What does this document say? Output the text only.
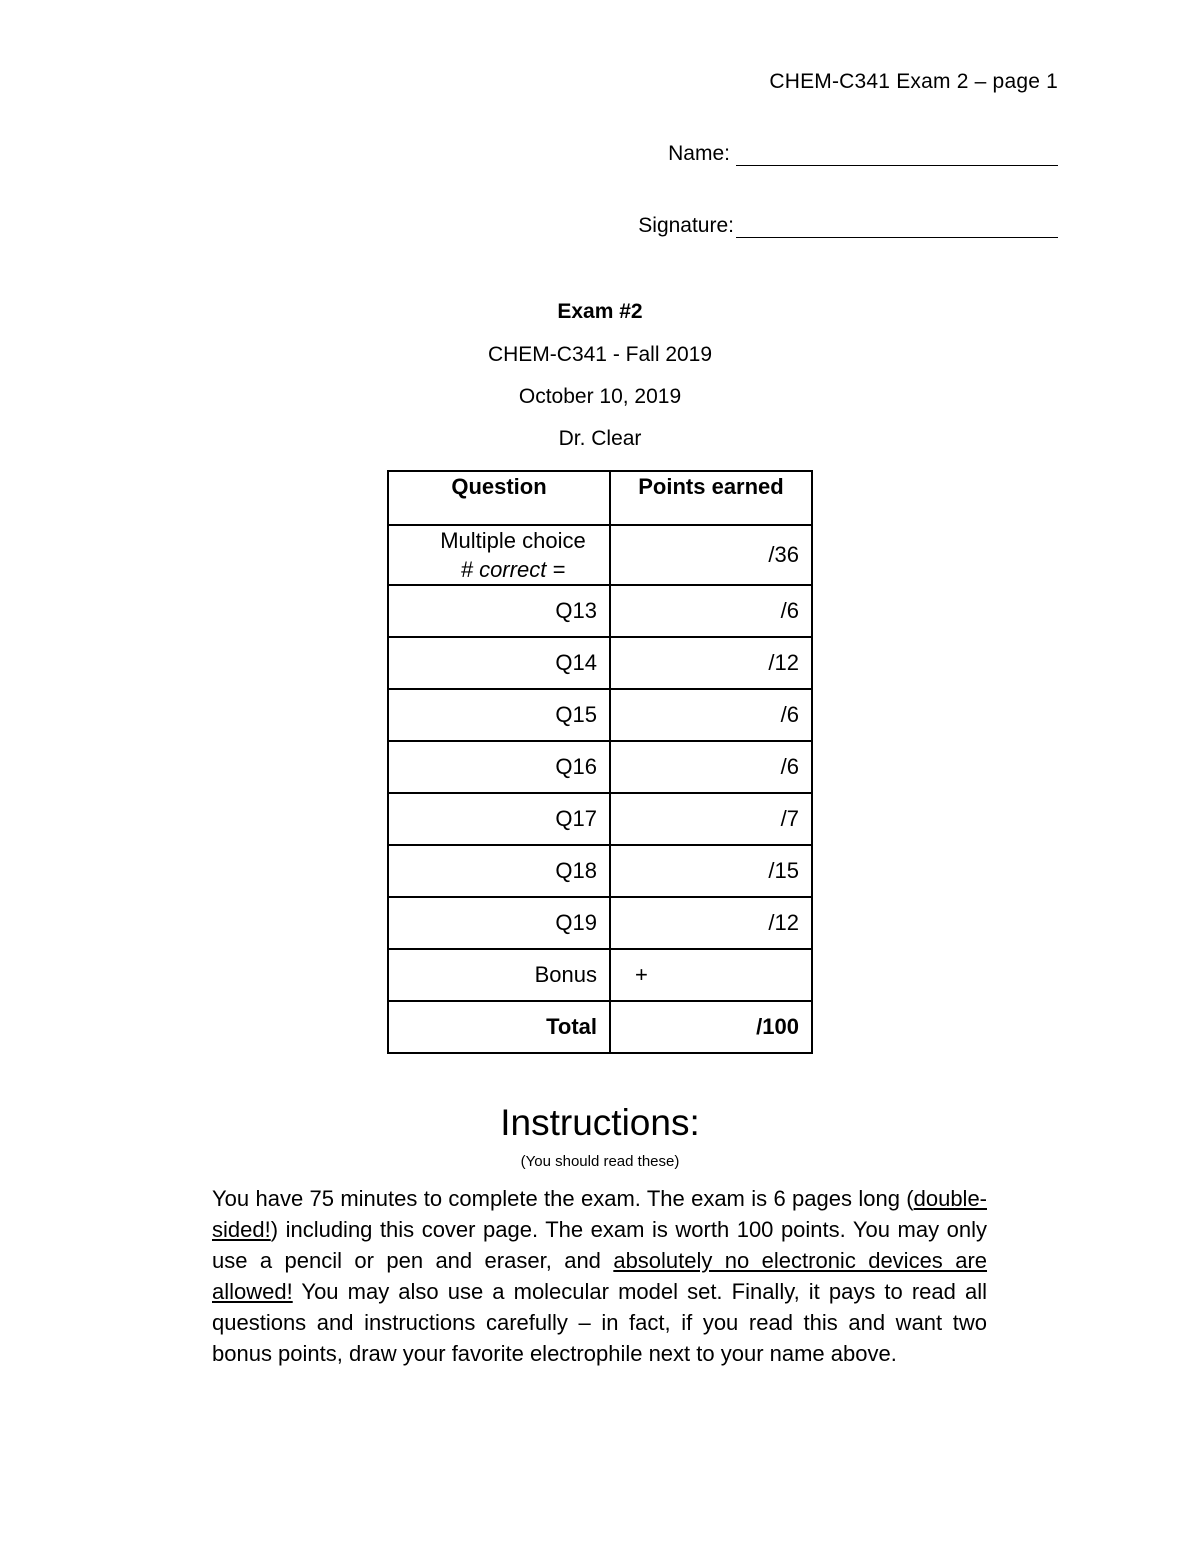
CHEM-C341 Exam 2 – page 1
Name:
Signature:
Exam #2
CHEM-C341 - Fall 2019
October 10, 2019
Dr. Clear
Question	Points earned
Multiple choice
# correct =	/36
Q13	/6
Q14	/12
Q15	/6
Q16	/6
Q17	/7
Q18	/15
Q19	/12
Bonus	+
Total	/100
Instructions:
(You should read these)
You have 75 minutes to complete the exam. The exam is 6 pages long (double-sided!) including this cover page. The exam is worth 100 points. You may only use a pencil or pen and eraser, and absolutely no electronic devices are allowed! You may also use a molecular model set. Finally, it pays to read all questions and instructions carefully – in fact, if you read this and want two bonus points, draw your favorite electrophile next to your name above.
